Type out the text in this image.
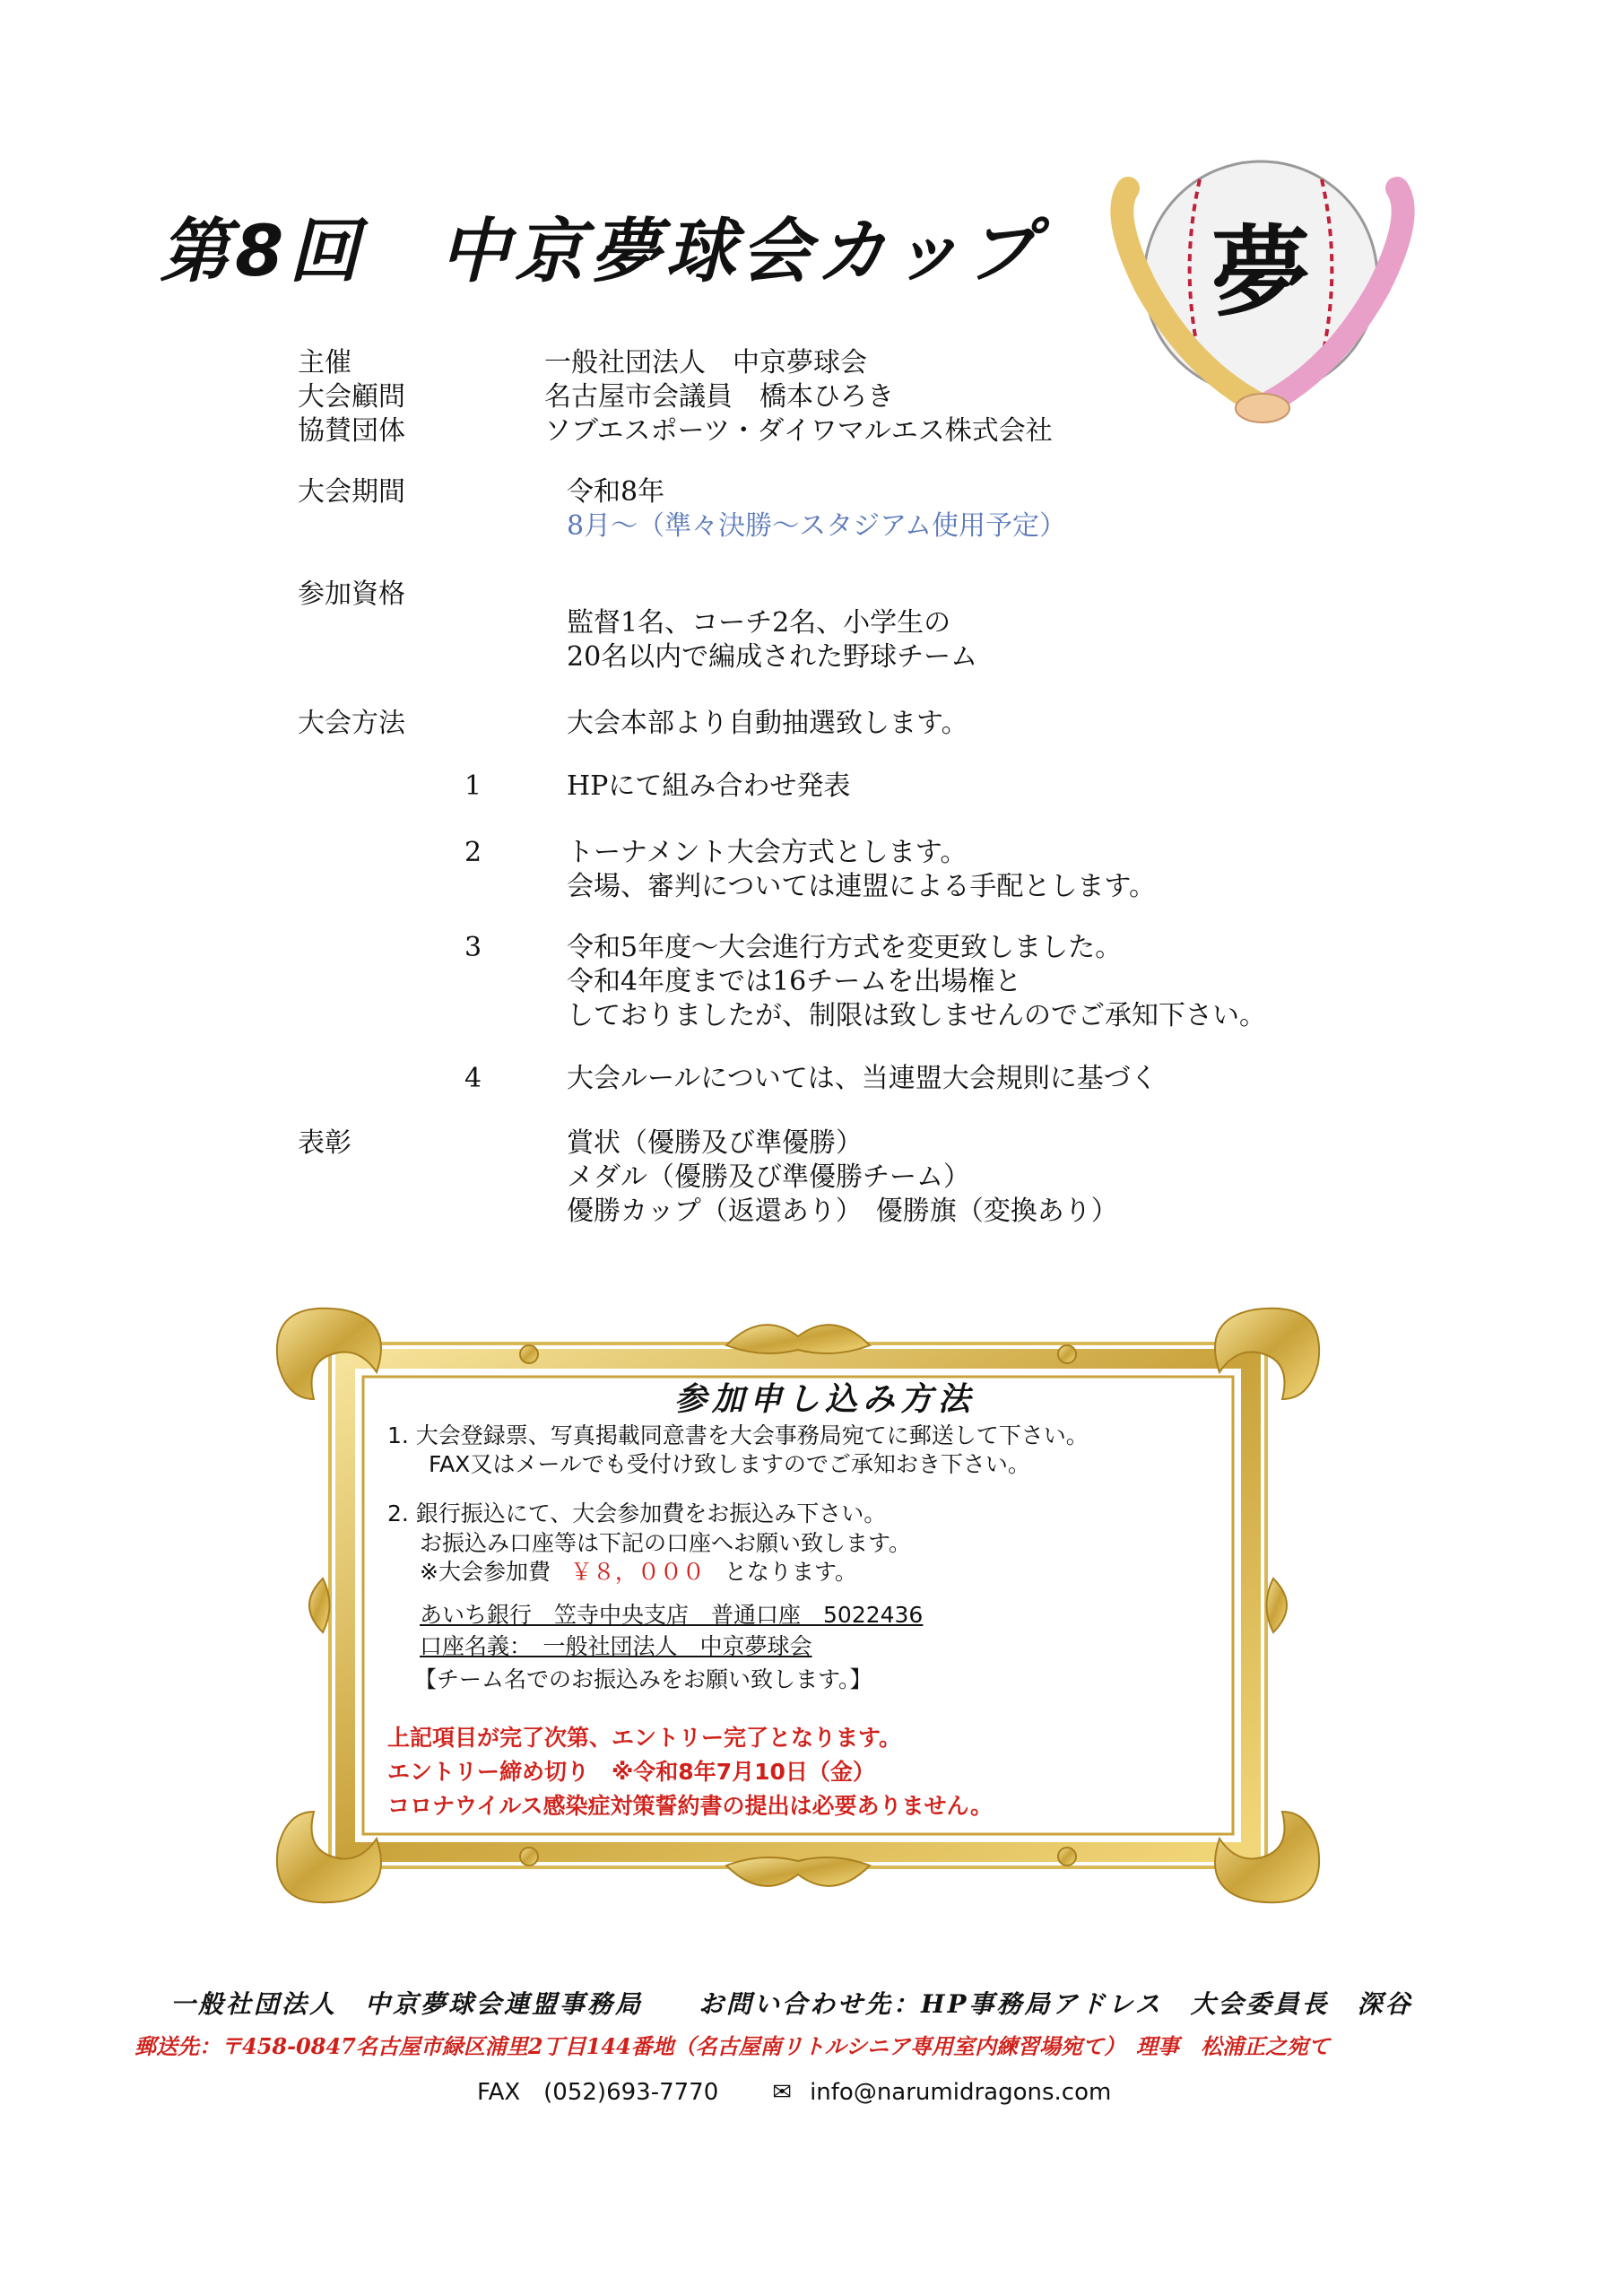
第8回　中京夢球会カップ 夢
主催	一般社団法人　中京夢球会
大会顧問	名古屋市会議員　橋本ひろき
協賛団体	ソブエスポーツ・ダイワマルエス株式会社
大会期間	令和8年
8月～（準々決勝～スタジアム使用予定）
参加資格
監督1名、コーチ2名、小学生の
20名以内で編成された野球チーム
大会方法	大会本部より自動抽選致します。
1	HPにて組み合わせ発表
2	トーナメント大会方式とします。
会場、審判については連盟による手配とします。
3	令和5年度～大会進行方式を変更致しました。
令和4年度までは16チームを出場権と
しておりましたが、制限は致しませんのでご承知下さい。
4	大会ルールについては、当連盟大会規則に基づく
表彰	賞状（優勝及び準優勝）
メダル（優勝及び準優勝チーム）
優勝カップ（返還あり）　優勝旗（変換あり）
参加申し込み方法
1. 大会登録票、写真掲載同意書を大会事務局宛てに郵送して下さい。
FAX又はメールでも受付け致しますのでご承知おき下さい。
2. 銀行振込にて、大会参加費をお振込み下さい。
お振込み口座等は下記の口座へお願い致します。
※大会参加費 ￥８，０００ となります。
あいち銀行　笠寺中央支店　普通口座　5022436
口座名義：　一般社団法人　中京夢球会
【チーム名でのお振込みをお願い致します。】
上記項目が完了次第、エントリー完了となります。
エントリー締め切り　※令和8年7月10日（金）
コロナウイルス感染症対策誓約書の提出は必要ありません。
一般社団法人　中京夢球会連盟事務局　　お問い合わせ先：HP事務局アドレス　大会委員長　深谷
郵送先：〒458-0847名古屋市緑区浦里2丁目144番地（名古屋南リトルシニア専用室内練習場宛て）　理事　松浦正之宛て
FAX　(052)693-7770 ✉ info@narumidragons.com
